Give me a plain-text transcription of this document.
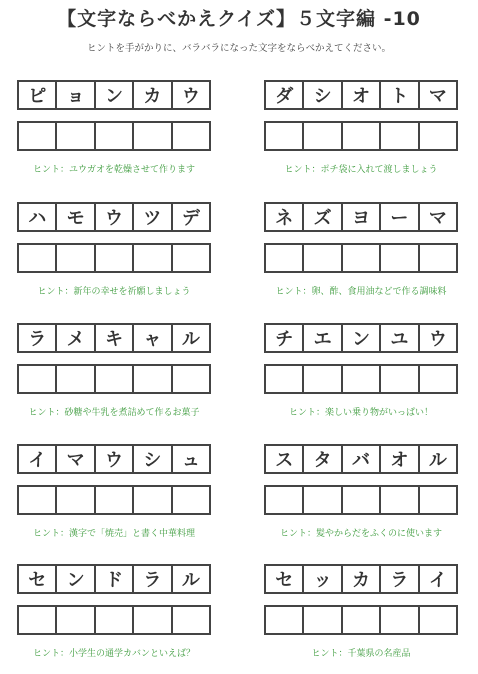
【文字ならべかえクイズ】５文字編 -10
ヒントを手がかりに、バラバラになった文字をならべかえてください。
ピ	ョ	ン	カ	ウ
ヒント：ユウガオを乾燥させて作ります
ダ	シ	オ	ト	マ
ヒント：ポチ袋に入れて渡しましょう
ハ	モ	ウ	ツ	デ
ヒント：新年の幸せを祈願しましょう
ネ	ズ	ヨ	ー	マ
ヒント：卵、酢、食用油などで作る調味料
ラ	メ	キ	ャ	ル
ヒント：砂糖や牛乳を煮詰めて作るお菓子
チ	エ	ン	ユ	ウ
ヒント：楽しい乗り物がいっぱい！
イ	マ	ウ	シ	ュ
ヒント：漢字で「焼売」と書く中華料理
ス	タ	バ	オ	ル
ヒント：髪やからだをふくのに使います
セ	ン	ド	ラ	ル
ヒント：小学生の通学カバンといえば？
セ	ッ	カ	ラ	イ
ヒント：千葉県の名産品
